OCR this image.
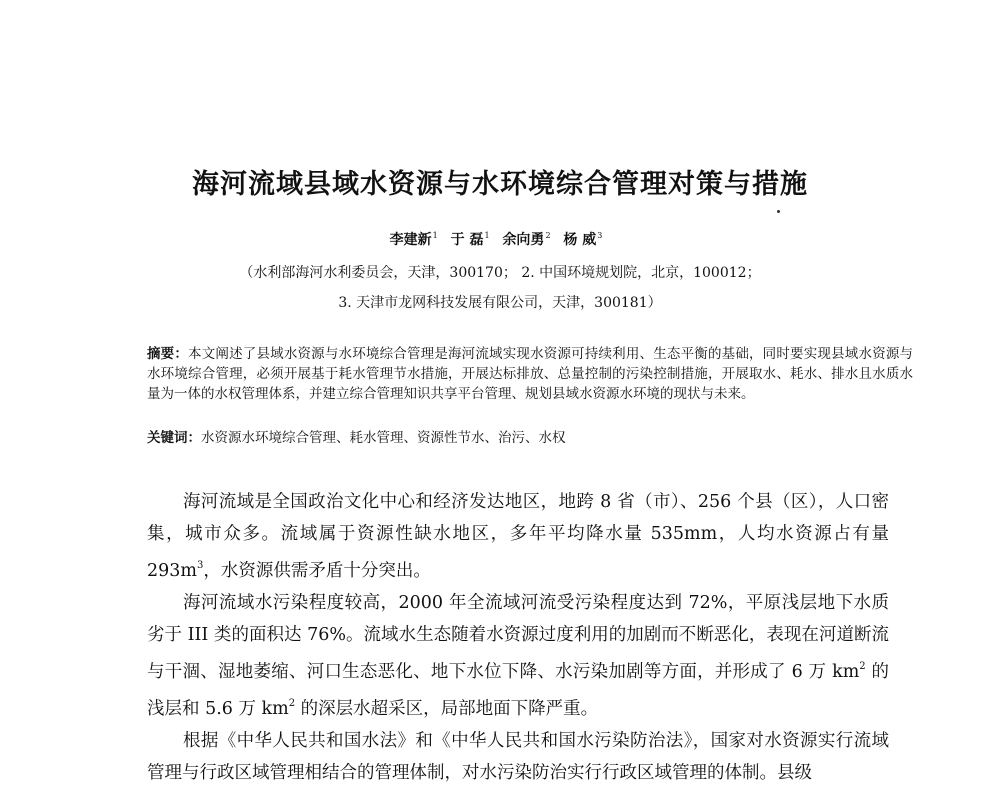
海河流域县域水资源与水环境综合管理对策与措施
李建新$^1$ 于 磊$^1$ 余向勇$^2$ 杨 威$^3$
（水利部海河水利委员会，天津，300170； 2. 中国环境规划院，北京，100012；
3. 天津市龙网科技发展有限公司，天津，300181）
摘要：本文阐述了县域水资源与水环境综合管理是海河流域实现水资源可持续利用、生态平衡的基础，同时要实现县域水资源与水环境综合管理，必须开展基于耗水管理节水措施，开展达标排放、总量控制的污染控制措施，开展取水、耗水、排水且水质水量为一体的水权管理体系，并建立综合管理知识共享平台管理、规划县域水资源水环境的现状与未来。
关键词：水资源水环境综合管理、耗水管理、资源性节水、治污、水权

海河流域是全国政治文化中心和经济发达地区，地跨 8 省（市）、256 个县（区），人口密集，城市众多。流域属于资源性缺水地区，多年平均降水量 535mm，人均水资源占有量 $293m^3$，水资源供需矛盾十分突出。

海河流域水污染程度较高，2000 年全流域河流受污染程度达到 72%，平原浅层地下水质劣于 III 类的面积达 76%。流域水生态随着水资源过度利用的加剧而不断恶化，表现在河道断流与干涸、湿地萎缩、河口生态恶化、地下水位下降、水污染加剧等方面，并形成了 6 万 $km^2$ 的浅层和 5.6 万 $km^2$ 的深层水超采区，局部地面下降严重。

根据《中华人民共和国水法》和《中华人民共和国水污染防治法》，国家对水资源实行流域管理与行政区域管理相结合的管理体制，对水污染防治实行行政区域管理的体制。县级
